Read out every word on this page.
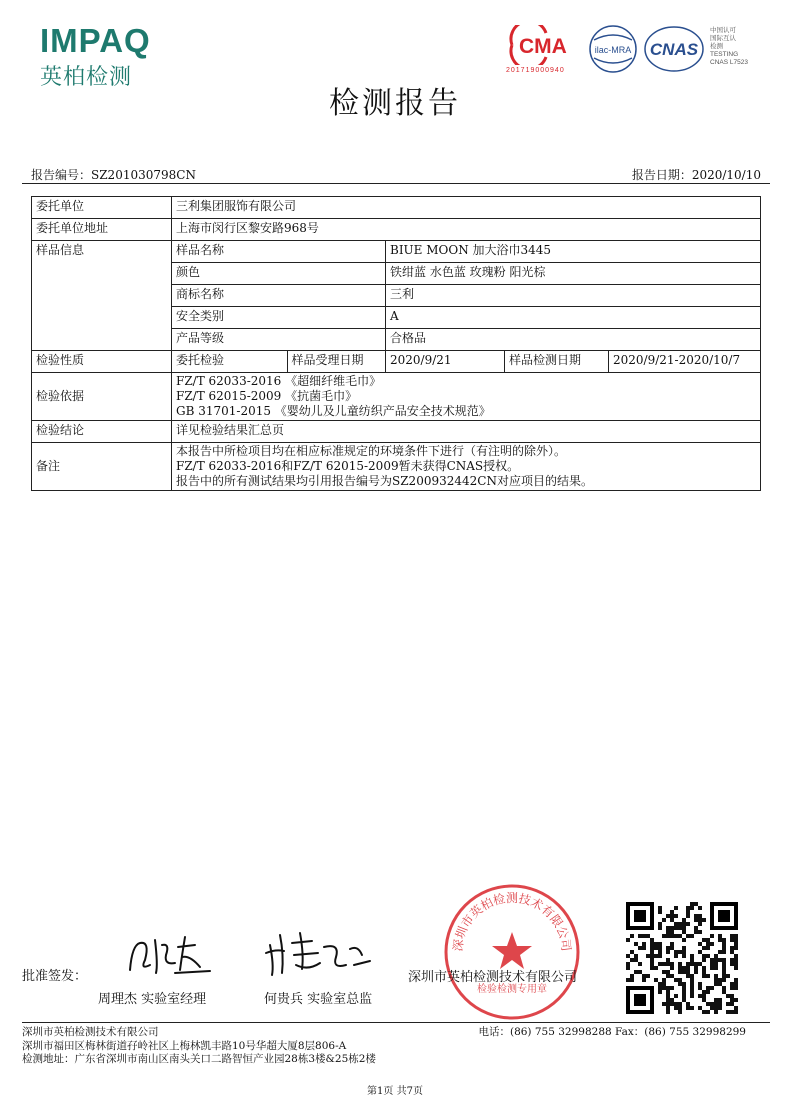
IMPAQ
英柏检测
CMA
201719000940
ilac-MRA CNAS
中国认可
国际互认
检测
TESTING
CNAS L7523
检测报告
报告编号：SZ201030798CN	报告日期：2020/10/10
委托单位	三利集团服饰有限公司				
委托单位地址	上海市闵行区黎安路968号				
样品信息	样品名称		BIUE MOON 加大浴巾3445		
	颜色		铁绀蓝 水色蓝 玫瑰粉 阳光棕		
	商标名称		三利		
	安全类别		A		
	产品等级		合格品		
检验性质	委托检验	样品受理日期	2020/9/21	样品检测日期	2020/9/21-2020/10/7
检验依据	FZ/T 62033-2016 《超细纤维毛巾》
FZ/T 62015-2009 《抗菌毛巾》
GB 31701-2015 《婴幼儿及儿童纺织产品安全技术规范》				

检验结论	详见检验结果汇总页				
备注	本报告中所检项目均在相应标准规定的环境条件下进行（有注明的除外）。
FZ/T 62033-2016和FZ/T 62015-2009暂未获得CNAS授权。
报告中的所有测试结果均引用报告编号为SZ200932442CN对应项目的结果。				
批准签发：
周理杰 实验室经理	何贵兵 实验室总监
深圳市英柏检测技术有限公司
检验检测专用章
深圳市英柏检测技术有限公司
深圳市英柏检测技术有限公司	电话：(86) 755 32998288 Fax：(86) 755 32998299
深圳市福田区梅林街道孖岭社区上梅林凯丰路10号华超大厦8层806-A
检测地址：广东省深圳市南山区南头关口二路智恒产业园28栋3楼&25栋2楼
第1页 共7页
